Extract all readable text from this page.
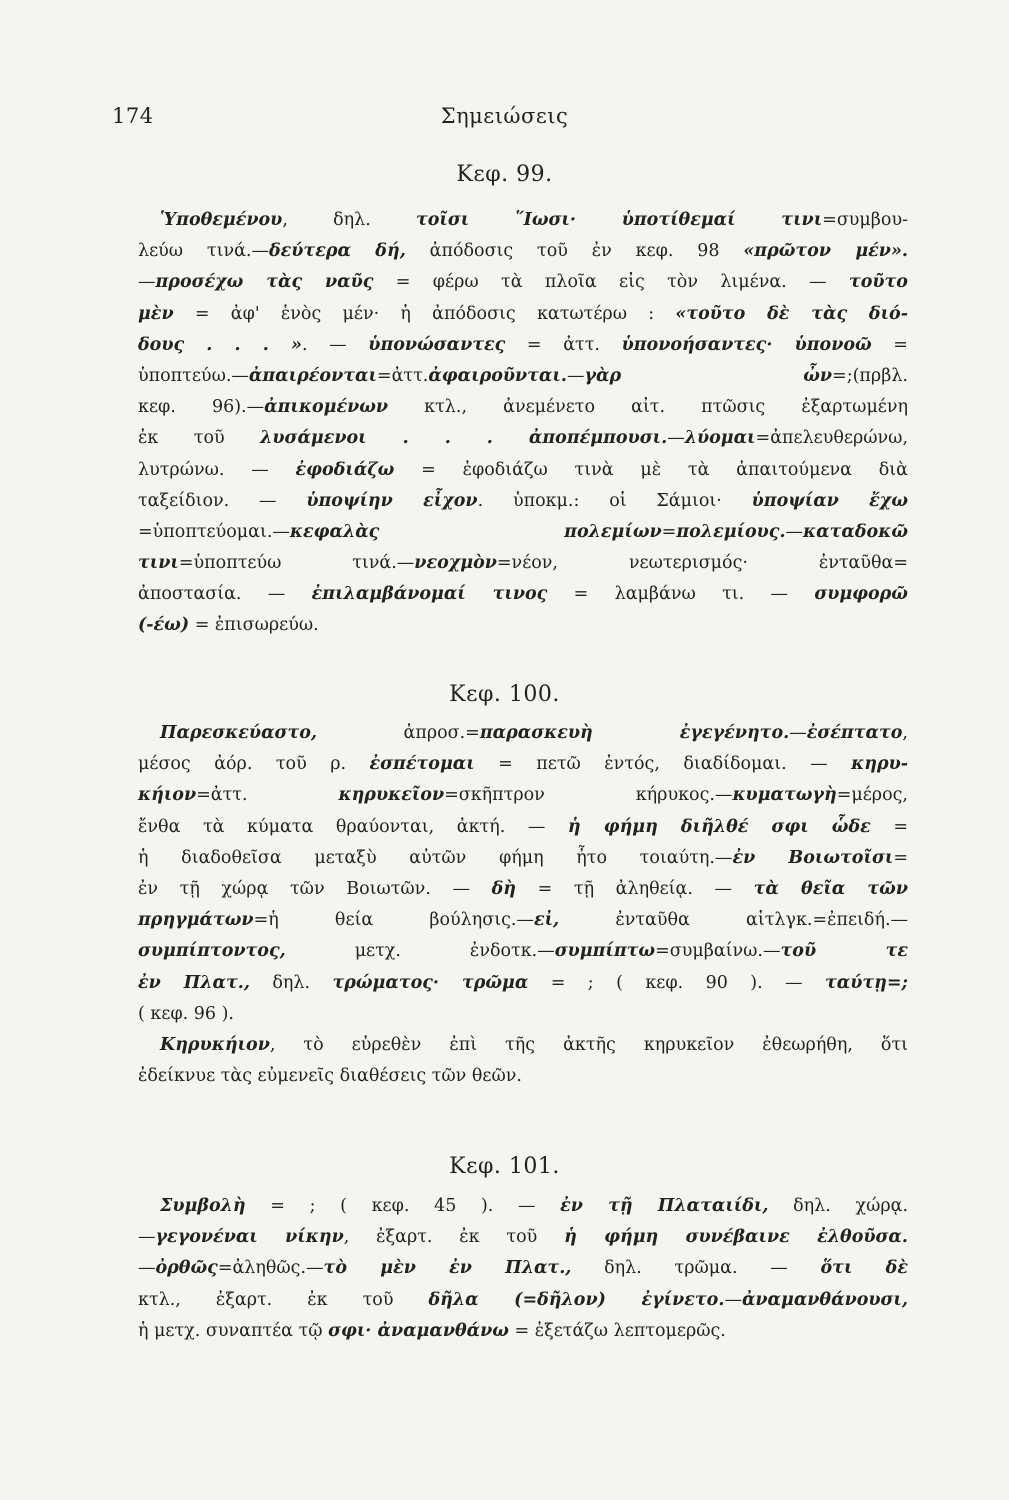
174	Σημειώσεις
Κεφ. 99.
Ὑποθεμένου, δηλ. τοῖσι ῞Ιωσι· ὑποτίθεμαί τινι=συμβου-
λεύω τινά.—δεύτερα δή, ἀπόδοσις τοῦ ἐν κεφ. 98 «πρῶτον μέν».
—προσέχω τὰς ναῦς = φέρω τὰ πλοῖα εἰς τὸν λιμένα. — τοῦτο
μὲν = ἀφ' ἑνὸς μέν· ἡ ἀπόδοσις κατωτέρω : «τοῦτο δὲ τὰς διό-
δους . . . ». — ὑπονώσαντες = ἀττ. ὑπονοήσαντες· ὑπονοῶ =
ὑποπτεύω.—ἀπαιρέονται=ἀττ.ἀφαιροῦνται.—γὰρ ὦν=;(πρβλ.
κεφ. 96).—ἀπικομένων κτλ., ἀνεμένετο αἰτ. πτῶσις ἐξαρτωμένη
ἐκ τοῦ λυσάμενοι . . . ἀποπέμπουσι.—λύομαι=ἀπελευθερώνω,
λυτρώνω. — ἐφοδιάζω = ἐφοδιάζω τινὰ μὲ τὰ ἀπαιτούμενα διὰ
ταξείδιον. — ὑποψίην εἶχον. ὑποκμ.: οἱ Σάμιοι· ὑποψίαν ἔχω
=ὑποπτεύομαι.—κεφαλὰς πολεμίων=πολεμίους.—καταδοκῶ
τινι=ὑποπτεύω τινά.—νεοχμὸν=νέον, νεωτερισμός· ἐνταῦθα=
ἀποστασία. — ἐπιλαμβάνομαί τινος = λαμβάνω τι. — συμφορῶ
(-έω) = ἐπισωρεύω.
Κεφ. 100.
Παρεσκεύαστο, ἀπροσ.=παρασκευὴ ἐγεγένητο.—ἐσέπτατο,
μέσος ἀόρ. τοῦ ρ. ἐσπέτομαι = πετῶ ἐντός, διαδίδομαι. — κηρυ-
κήιον=ἀττ. κηρυκεῖον=σκῆπτρον κήρυκος.—κυματωγὴ=μέρος,
ἔνθα τὰ κύματα θραύονται, ἀκτή. — ἡ φήμη διῆλθέ σφι ὧδε =
ἡ διαδοθεῖσα μεταξὺ αὐτῶν φήμη ἦτο τοιαύτη.—ἐν Βοιωτοῖσι=
ἐν τῇ χώρᾳ τῶν Βοιωτῶν. — δὴ = τῇ ἀληθείᾳ. — τὰ θεῖα τῶν
πρηγμάτων=ἡ θεία βούλησις.—εἰ, ἐνταῦθα αἰτλγκ.=ἐπειδή.—
συμπίπτοντος, μετχ. ἐνδοτκ.—συμπίπτω=συμβαίνω.—τοῦ τε
ἐν Πλατ., δηλ. τρώματος· τρῶμα = ; ( κεφ. 90 ). — ταύτῃ=;
( κεφ. 96 ).
Κηρυκήιον, τὸ εὑρεθὲν ἐπὶ τῆς ἀκτῆς κηρυκεῖον ἐθεωρήθη, ὅτι
ἐδείκνυε τὰς εὐμενεῖς διαθέσεις τῶν θεῶν.
Κεφ. 101.
Συμβολὴ = ; ( κεφ. 45 ). — ἐν τῇ Πλαταιίδι, δηλ. χώρᾳ.
—γεγονέναι νίκην, ἐξαρτ. ἐκ τοῦ ἡ φήμη συνέβαινε ἐλθοῦσα.
—ὀρθῶς=ἀληθῶς.—τὸ μὲν ἐν Πλατ., δηλ. τρῶμα. — ὅτι δὲ
κτλ., ἐξαρτ. ἐκ τοῦ δῆλα (=δῆλον) ἐγίνετο.—ἀναμανθάνουσι,
ἡ μετχ. συναπτέα τῷ σφι· ἀναμανθάνω = ἐξετάζω λεπτομερῶς.
